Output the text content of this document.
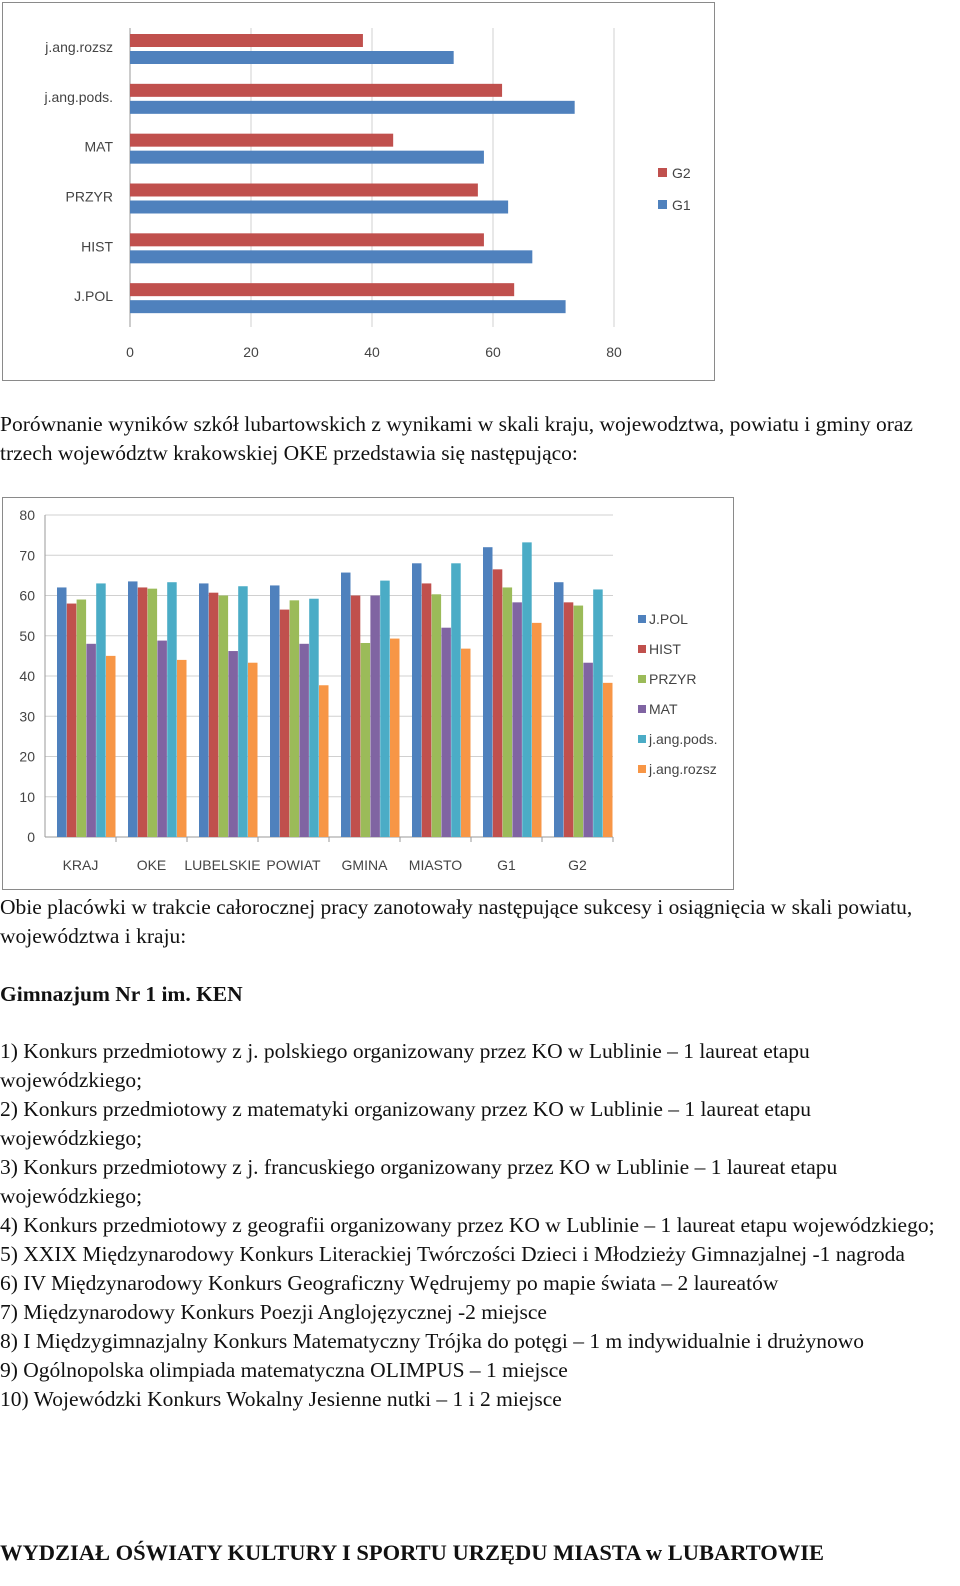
0	20	40	60	80
j.ang.rozsz
j.ang.pods.
MAT
PRZYR
HIST
J.POL
G2
G1

Porównanie wyników szkół lubartowskich z wynikami w skali kraju, wojewodztwa, powiatu i gminy oraz trzech województw krakowskiej OKE przedstawia się następująco:

0
10
20
30
40
50
60
70
80
KRAJ	OKE LUBELSKIE POWIAT GMINA MIASTO G1	G2
J.POL
HIST
PRZYR
MAT
j.ang.pods.
j.ang.rozsz

Obie placówki w trakcie całorocznej pracy zanotowały następujące sukcesy i osiągnięcia w skali powiatu, województwa i kraju:

Gimnazjum Nr 1 im. KEN

1) Konkurs przedmiotowy z j. polskiego organizowany przez KO w Lublinie – 1 laureat etapu wojewódzkiego;
2) Konkurs przedmiotowy z matematyki organizowany przez KO w Lublinie – 1 laureat etapu wojewódzkiego;
3) Konkurs przedmiotowy z j. francuskiego organizowany przez KO w Lublinie – 1 laureat etapu wojewódzkiego;
4) Konkurs przedmiotowy z geografii organizowany przez KO w Lublinie – 1 laureat etapu wojewódzkiego;
5) XXIX Międzynarodowy Konkurs Literackiej Twórczości Dzieci i Młodzieży Gimnazjalnej -1 nagroda
6) IV Międzynarodowy Konkurs Geograficzny Wędrujemy po mapie świata – 2 laureatów
7) Międzynarodowy Konkurs Poezji Anglojęzycznej -2 miejsce
8) I Międzygimnazjalny Konkurs Matematyczny Trójka do potęgi – 1 m indywidualnie i drużynowo
9) Ogólnopolska olimpiada matematyczna OLIMPUS – 1 miejsce
10) Wojewódzki Konkurs Wokalny Jesienne nutki – 1 i 2 miejsce
WYDZIAŁ OŚWIATY KULTURY I SPORTU URZĘDU MIASTA w LUBARTOWIE
